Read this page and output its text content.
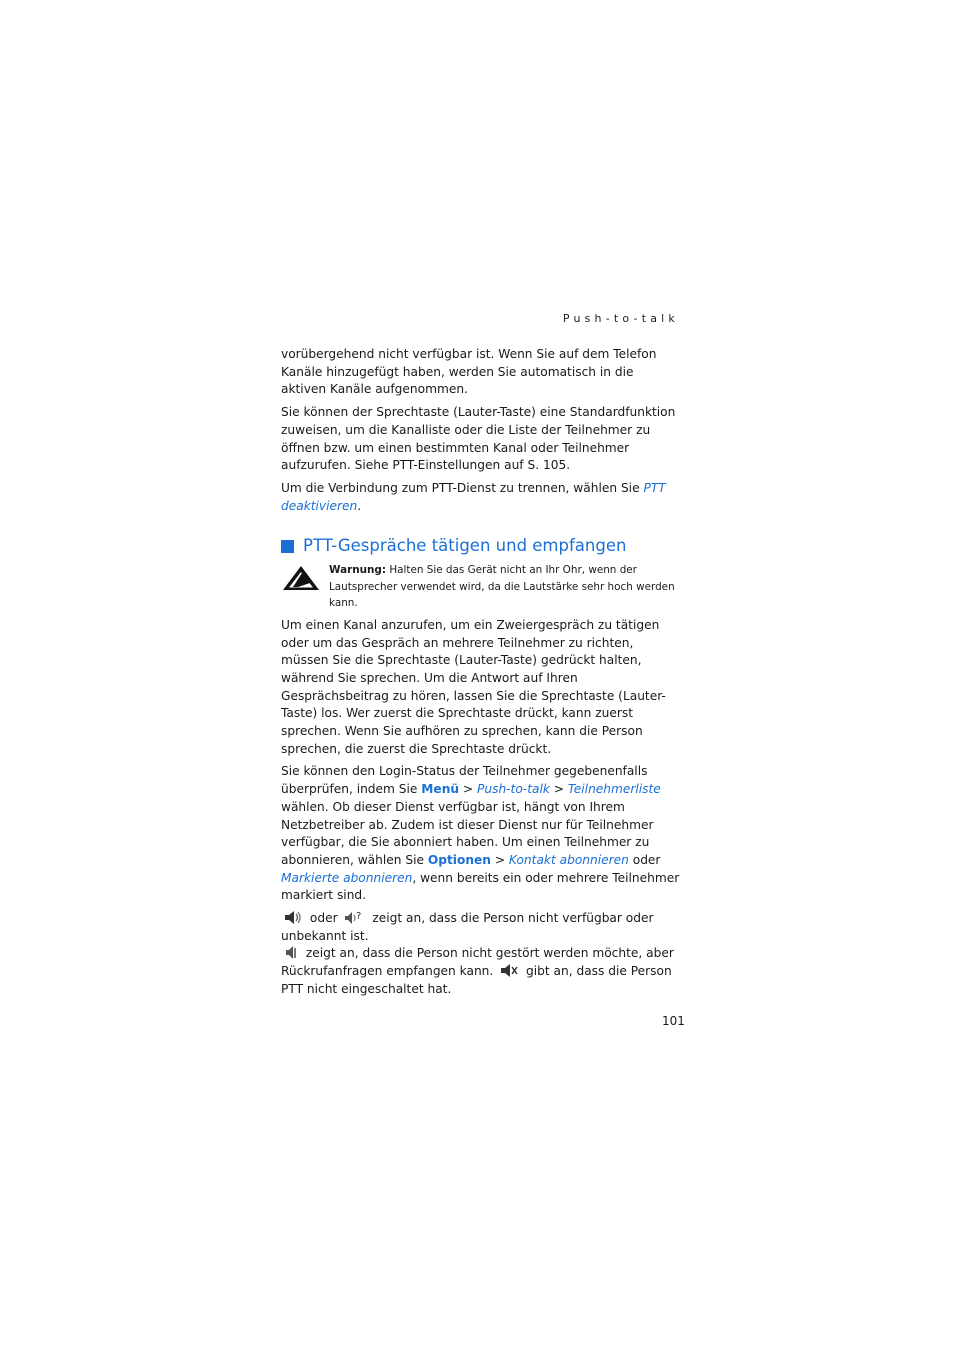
Push-to-talk

vorübergehend nicht verfügbar ist. Wenn Sie auf dem Telefon Kanäle hinzugefügt haben, werden Sie automatisch in die aktiven Kanäle aufgenommen.

Sie können der Sprechtaste (Lauter-Taste) eine Standardfunktion zuweisen, um die Kanalliste oder die Liste der Teilnehmer zu öffnen bzw. um einen bestimmten Kanal oder Teilnehmer aufzurufen. Siehe PTT-Einstellungen auf S. 105.

Um die Verbindung zum PTT-Dienst zu trennen, wählen Sie PTT deaktivieren.

PTT-Gespräche tätigen und empfangen
Warnung: Halten Sie das Gerät nicht an Ihr Ohr, wenn der Lautsprecher verwendet wird, da die Lautstärke sehr hoch werden kann.

Um einen Kanal anzurufen, um ein Zweiergespräch zu tätigen oder um das Gespräch an mehrere Teilnehmer zu richten, müssen Sie die Sprechtaste (Lauter-Taste) gedrückt halten, während Sie sprechen. Um die Antwort auf Ihren Gesprächsbeitrag zu hören, lassen Sie die Sprechtaste (Lauter-Taste) los. Wer zuerst die Sprechtaste drückt, kann zuerst sprechen. Wenn Sie aufhören zu sprechen, kann die Person sprechen, die zuerst die Sprechtaste drückt.

Sie können den Login-Status der Teilnehmer gegebenenfalls überprüfen, indem Sie Menü > Push-to-talk > Teilnehmerliste wählen. Ob dieser Dienst verfügbar ist, hängt von Ihrem Netzbetreiber ab. Zudem ist dieser Dienst nur für Teilnehmer verfügbar, die Sie abonniert haben. Um einen Teilnehmer zu abonnieren, wählen Sie Optionen > Kontakt abonnieren oder Markierte abonnieren, wenn bereits ein oder mehrere Teilnehmer markiert sind.

oder ? zeigt an, dass die Person nicht verfügbar oder unbekannt ist.
zeigt an, dass die Person nicht gestört werden möchte, aber Rückrufanfragen empfangen kann.  gibt an, dass die Person PTT nicht eingeschaltet hat.
101
